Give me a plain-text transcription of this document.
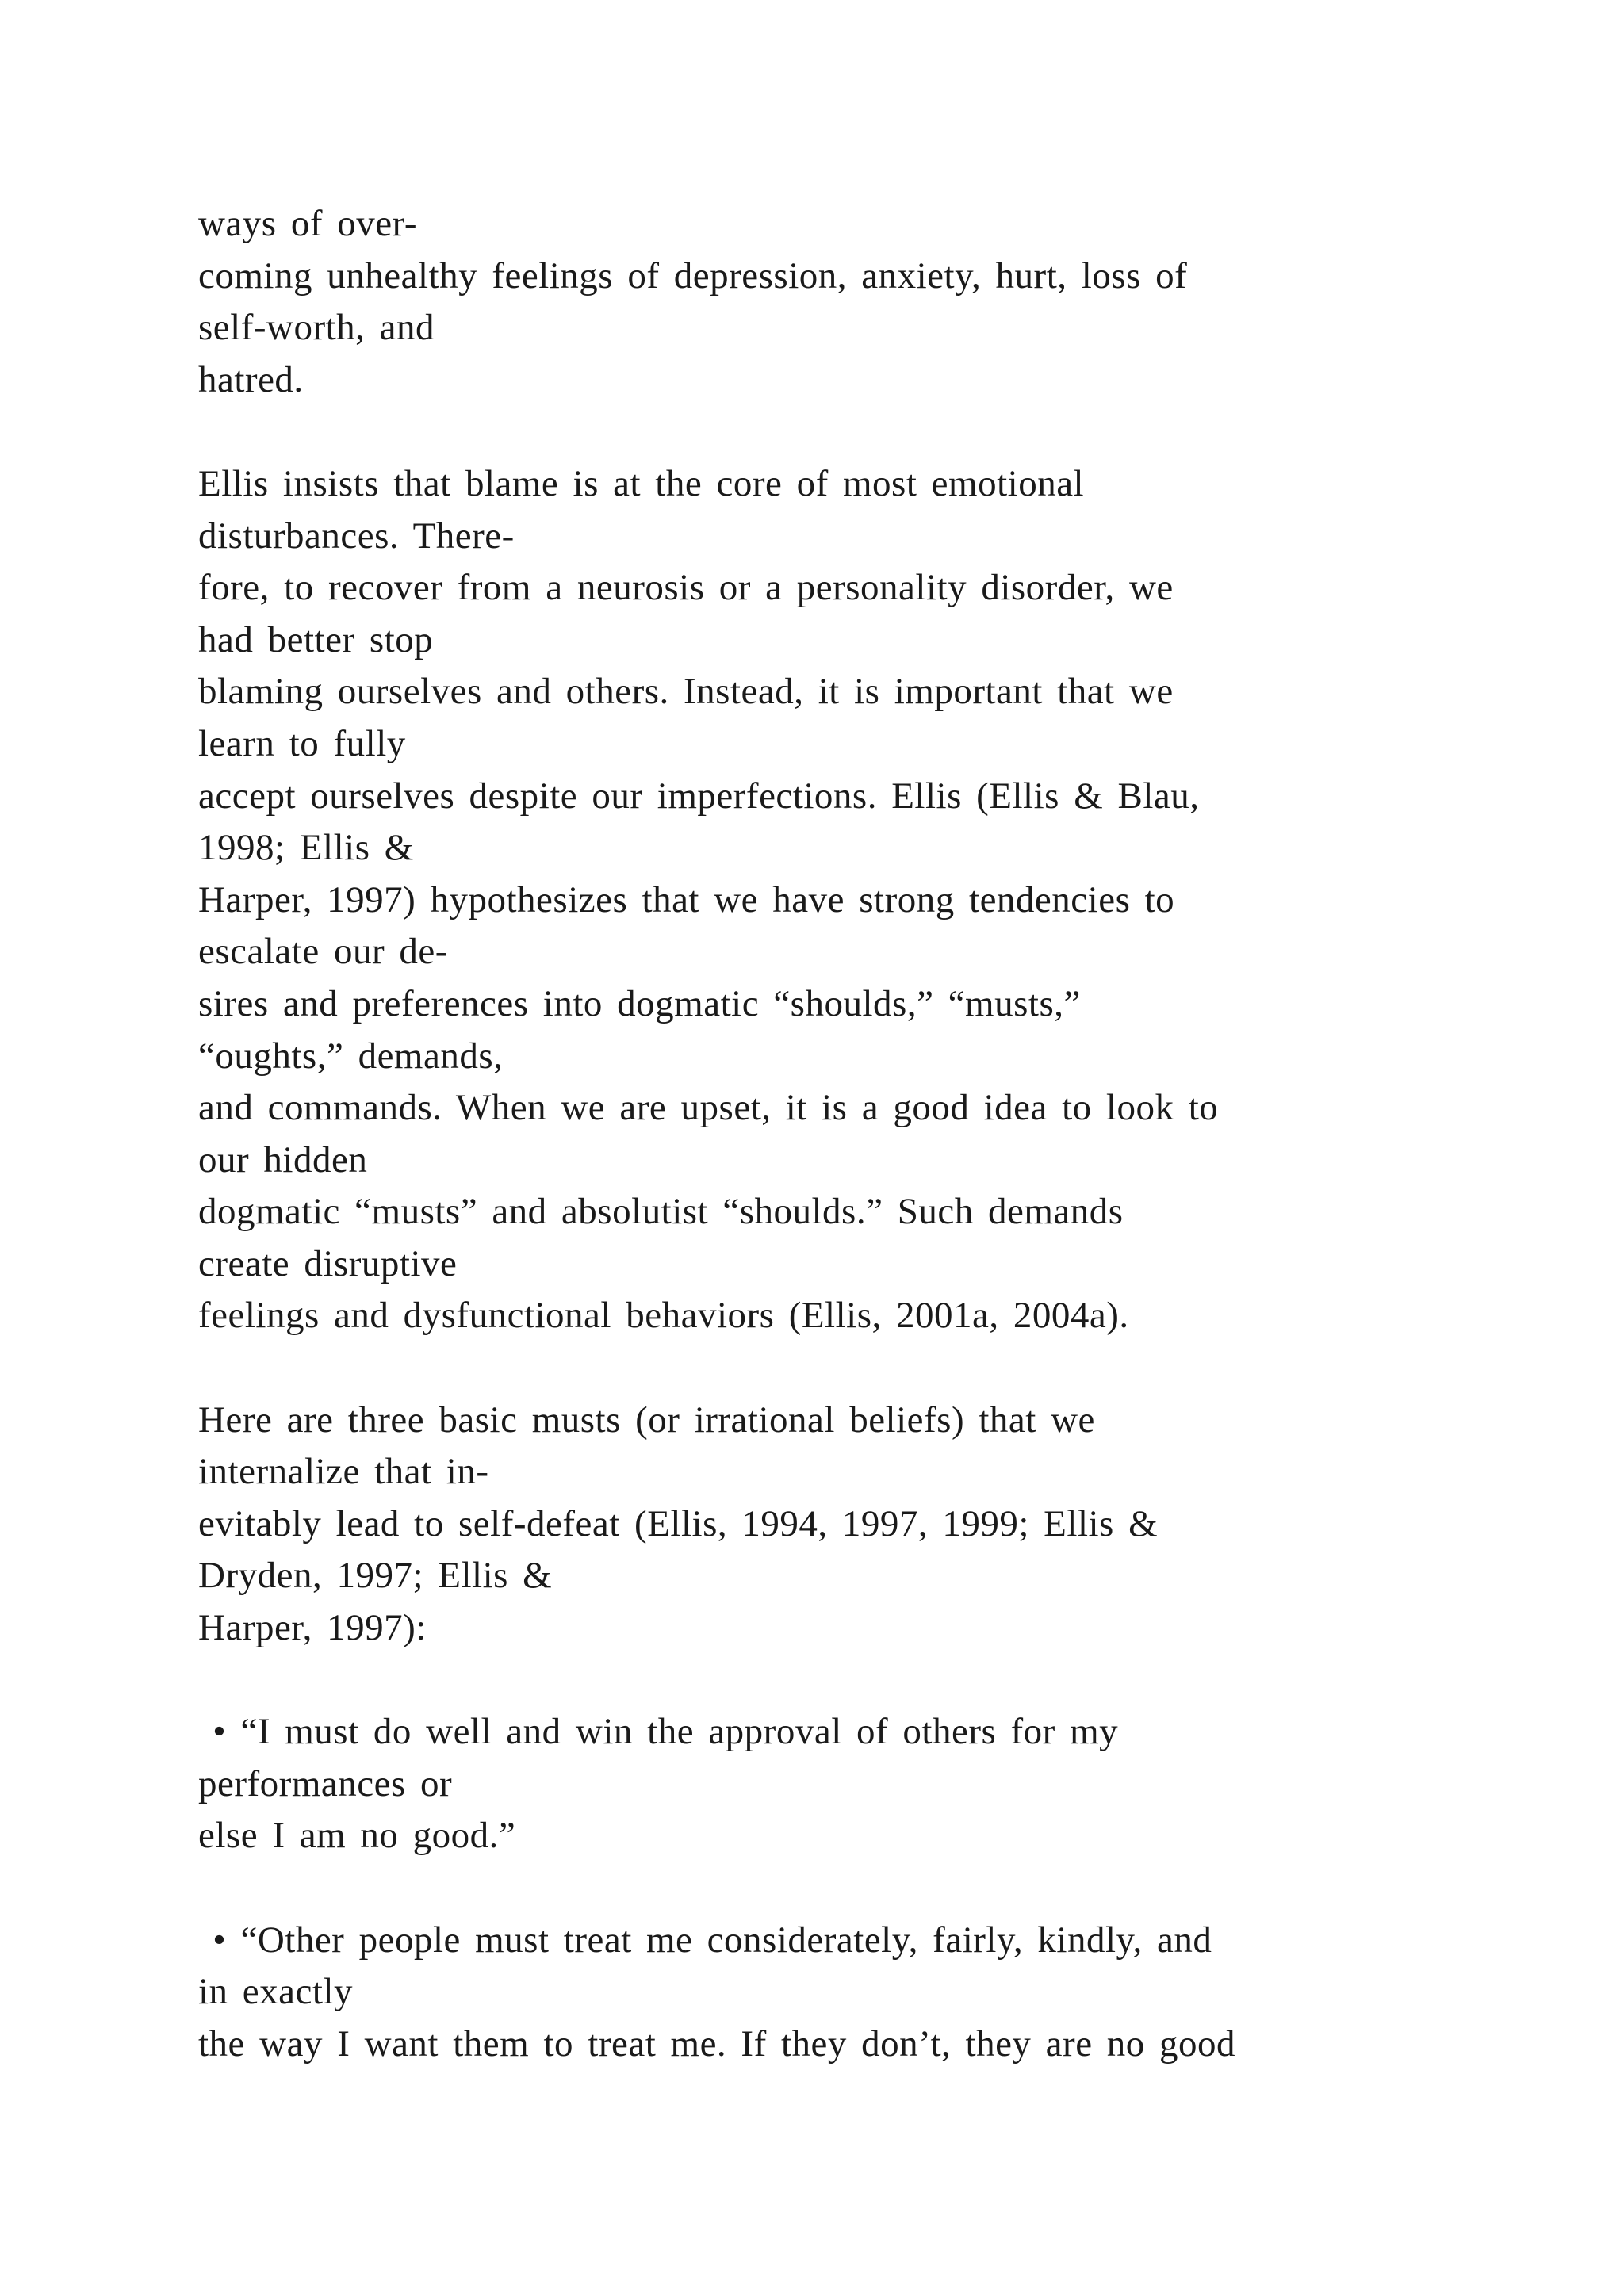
ways of over-
coming unhealthy feelings of depression, anxiety, hurt, loss of
self-worth, and
hatred.
Ellis insists that blame is at the core of most emotional
disturbances. There-
fore, to recover from a neurosis or a personality disorder, we
had better stop
blaming ourselves and others. Instead, it is important that we
learn to fully
accept ourselves despite our imperfections. Ellis (Ellis & Blau,
1998; Ellis &
Harper, 1997) hypothesizes that we have strong tendencies to
escalate our de-
sires and preferences into dogmatic “shoulds,” “musts,”
“oughts,” demands,
and commands. When we are upset, it is a good idea to look to
our hidden
dogmatic “musts” and absolutist “shoulds.” Such demands
create disruptive
feelings and dysfunctional behaviors (Ellis, 2001a, 2004a).
Here are three basic musts (or irrational beliefs) that we
internalize that in-
evitably lead to self-defeat (Ellis, 1994, 1997, 1999; Ellis &
Dryden, 1997; Ellis &
Harper, 1997):
• “I must do well and win the approval of others for my
performances or
else I am no good.”
• “Other people must treat me considerately, fairly, kindly, and
in exactly
the way I want them to treat me. If they don’t, they are no good
